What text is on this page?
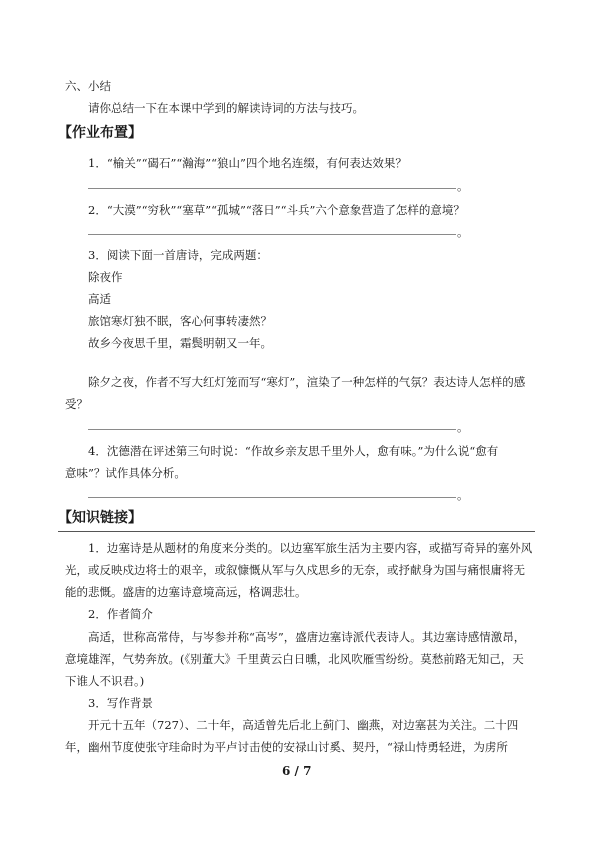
六、小结
请你总结一下在本课中学到的解读诗词的方法与技巧。
【作业布置】
1．“榆关”“碣石”“瀚海”“狼山”四个地名连缀，有何表达效果？
。
2．“大漠”“穷秋”“塞草”“孤城”“落日”“斗兵”六个意象营造了怎样的意境？
。
3．阅读下面一首唐诗，完成两题：
除夜作
高适
旅馆寒灯独不眠，客心何事转凄然？
故乡今夜思千里，霜鬓明朝又一年。
除夕之夜，作者不写大红灯笼而写“寒灯”，渲染了一种怎样的气氛？表达诗人怎样的感
受？
。
4．沈德潜在评述第三句时说：“作故乡亲友思千里外人，愈有味。”为什么说“愈有
意味”？试作具体分析。
。
【知识链接】
1．边塞诗是从题材的角度来分类的。以边塞军旅生活为主要内容，或描写奇异的塞外风
光，或反映戍边将士的艰辛，或叙慷慨从军与久戍思乡的无奈，或抒献身为国与痛恨庸将无
能的悲慨。盛唐的边塞诗意境高远，格调悲壮。
2．作者简介
高适，世称高常侍，与岑参并称“高岑”，盛唐边塞诗派代表诗人。其边塞诗感情激昂，
意境雄浑，气势奔放。(《别董大》千里黄云白日曛，北风吹雁雪纷纷。莫愁前路无知己，天
下谁人不识君。)
3．写作背景
开元十五年（727）、二十年，高适曾先后北上蓟门、幽燕，对边塞甚为关注。二十四
年，幽州节度使张守珪命时为平卢讨击使的安禄山讨奚、契丹，“禄山恃勇轻进，为虏所
6 / 7
